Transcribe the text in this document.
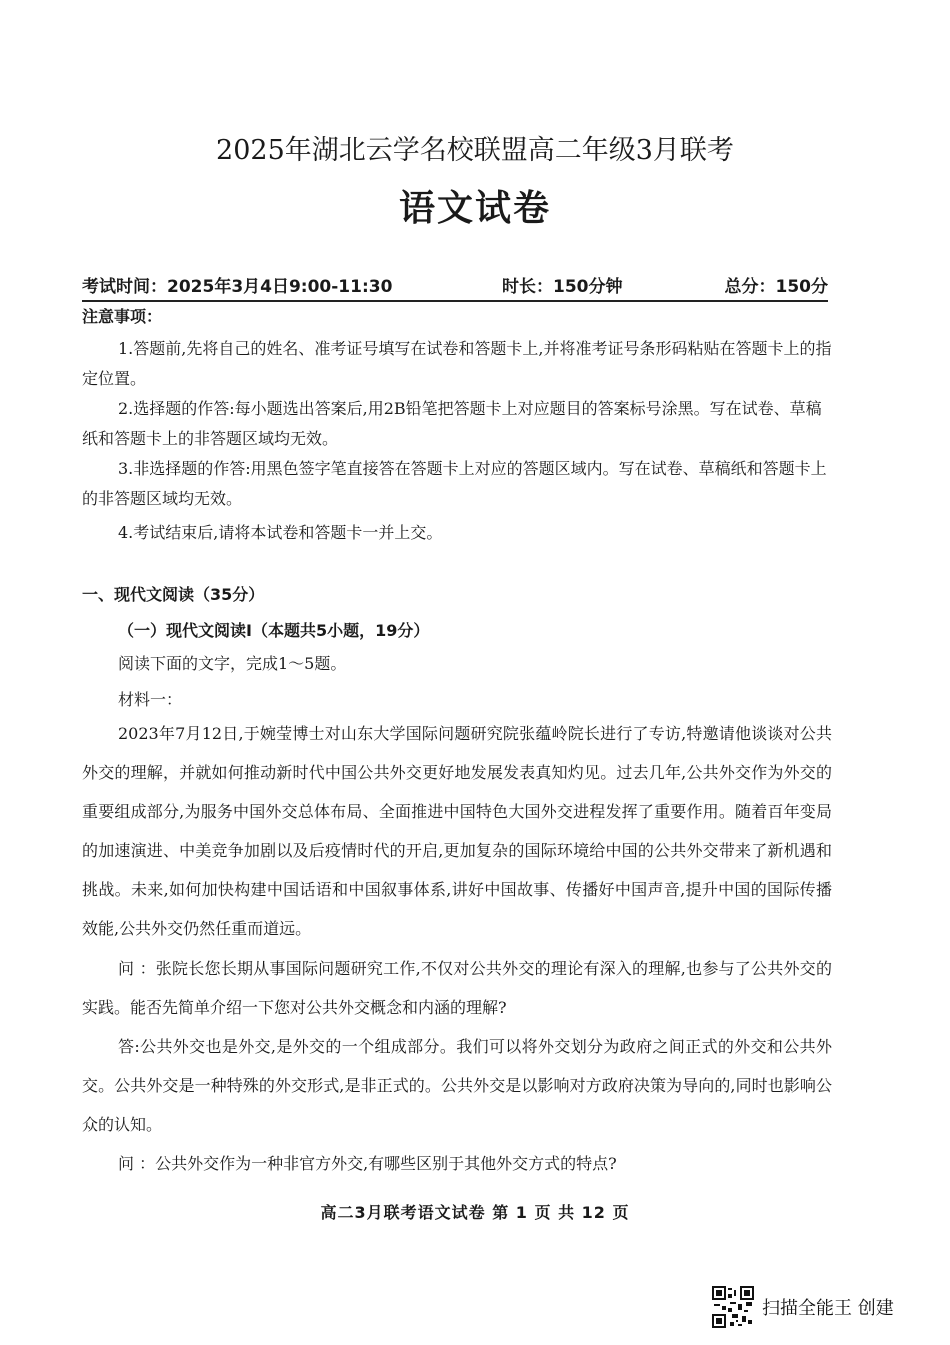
2025年湖北云学名校联盟高二年级3月联考
语文试卷
考试时间：2025年3月4日9:00-11:30	时长：150分钟	总分：150分
注意事项：
1.答题前,先将自己的姓名、准考证号填写在试卷和答题卡上,并将准考证号条形码粘贴在答题卡上的指定位置。
2.选择题的作答:每小题选出答案后,用2B铅笔把答题卡上对应题目的答案标号涂黑。写在试卷、草稿纸和答题卡上的非答题区域均无效。
3.非选择题的作答:用黑色签字笔直接答在答题卡上对应的答题区域内。写在试卷、草稿纸和答题卡上的非答题区域均无效。
4.考试结束后,请将本试卷和答题卡一并上交。
一、现代文阅读（35分）
（一）现代文阅读Ⅰ（本题共5小题，19分）
阅读下面的文字，完成1～5题。
材料一：
2023年7月12日,于婉莹博士对山东大学国际问题研究院张蕴岭院长进行了专访,特邀请他谈谈对公共外交的理解，并就如何推动新时代中国公共外交更好地发展发表真知灼见。过去几年,公共外交作为外交的重要组成部分,为服务中国外交总体布局、全面推进中国特色大国外交进程发挥了重要作用。随着百年变局的加速演进、中美竞争加剧以及后疫情时代的开启,更加复杂的国际环境给中国的公共外交带来了新机遇和挑战。未来,如何加快构建中国话语和中国叙事体系,讲好中国故事、传播好中国声音,提升中国的国际传播效能,公共外交仍然任重而道远。
问 ：张院长您长期从事国际问题研究工作,不仅对公共外交的理论有深入的理解,也参与了公共外交的实践。能否先简单介绍一下您对公共外交概念和内涵的理解?
答:公共外交也是外交,是外交的一个组成部分。我们可以将外交划分为政府之间正式的外交和公共外交。公共外交是一种特殊的外交形式,是非正式的。公共外交是以影响对方政府决策为导向的,同时也影响公众的认知。
问 ：公共外交作为一种非官方外交,有哪些区别于其他外交方式的特点?
高二3月联考语文试卷 第 1 页 共 12 页
扫描全能王 创建
